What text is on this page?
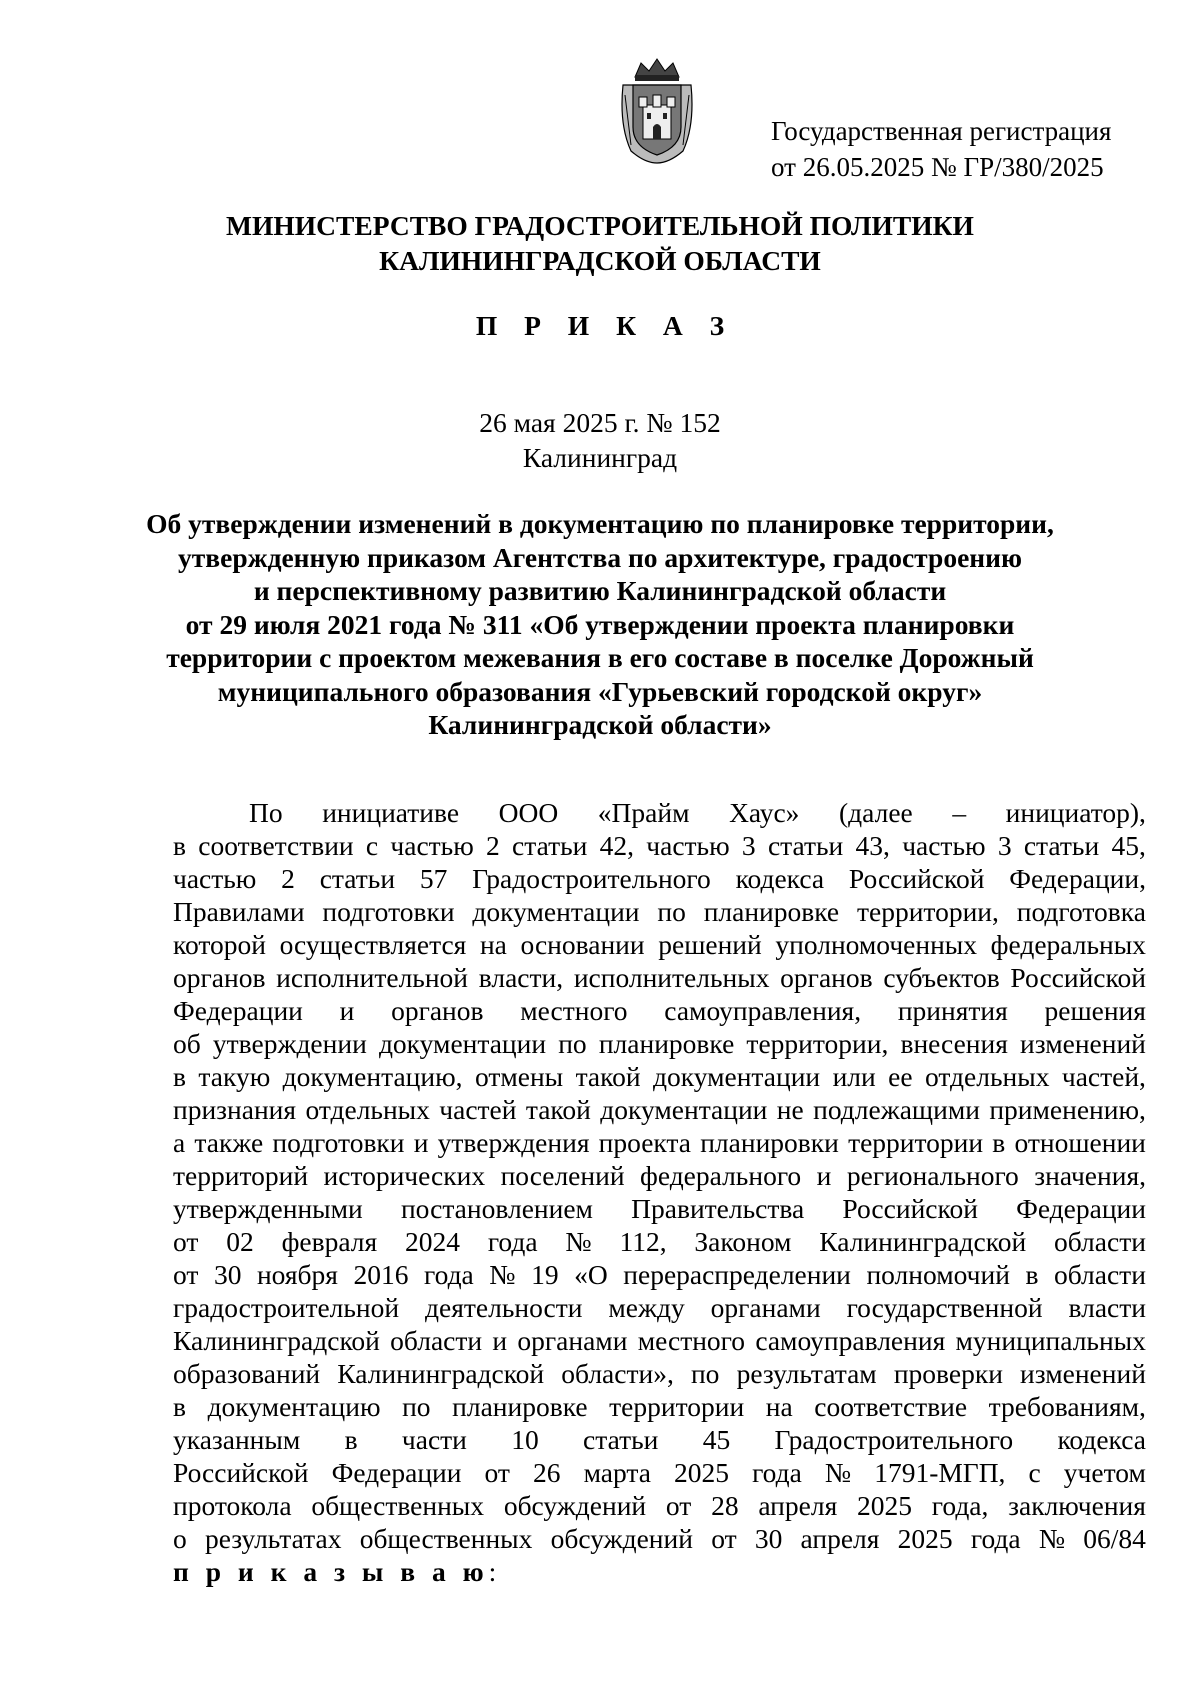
Государственная регистрация
от 26.05.2025 № ГР/380/2025
МИНИСТЕРСТВО ГРАДОСТРОИТЕЛЬНОЙ ПОЛИТИКИ
КАЛИНИНГРАДСКОЙ ОБЛАСТИ
П Р И К А З
26 мая 2025 г. № 152
Калининград
Об утверждении изменений в документацию по планировке территории,
утвержденную приказом Агентства по архитектуре, градостроению
и перспективному развитию Калининградской области
от 29 июля 2021 года № 311 «Об утверждении проекта планировки
территории с проектом межевания в его составе в поселке Дорожный
муниципального образования «Гурьевский городской округ»
Калининградской области»
По инициативе ООО «Прайм Хаус» (далее – инициатор),
в соответствии с частью 2 статьи 42, частью 3 статьи 43, частью 3 статьи 45,
частью 2 статьи 57 Градостроительного кодекса Российской Федерации,
Правилами подготовки документации по планировке территории, подготовка
которой осуществляется на основании решений уполномоченных федеральных
органов исполнительной власти, исполнительных органов субъектов Российской
Федерации и органов местного самоуправления, принятия решения
об утверждении документации по планировке территории, внесения изменений
в такую документацию, отмены такой документации или ее отдельных частей,
признания отдельных частей такой документации не подлежащими применению,
а также подготовки и утверждения проекта планировки территории в отношении
территорий исторических поселений федерального и регионального значения,
утвержденными постановлением Правительства Российской Федерации
от 02 февраля 2024 года № 112, Законом Калининградской области
от 30 ноября 2016 года № 19 «О перераспределении полномочий в области
градостроительной деятельности между органами государственной власти
Калининградской области и органами местного самоуправления муниципальных
образований Калининградской области», по результатам проверки изменений
в документацию по планировке территории на соответствие требованиям,
указанным в части 10 статьи 45 Градостроительного кодекса
Российской Федерации от 26 марта 2025 года № 1791-МГП, с учетом
протокола общественных обсуждений от 28 апреля 2025 года, заключения
о результатах общественных обсуждений от 30 апреля 2025 года № 06/84
п р и к а з ы в а ю :
